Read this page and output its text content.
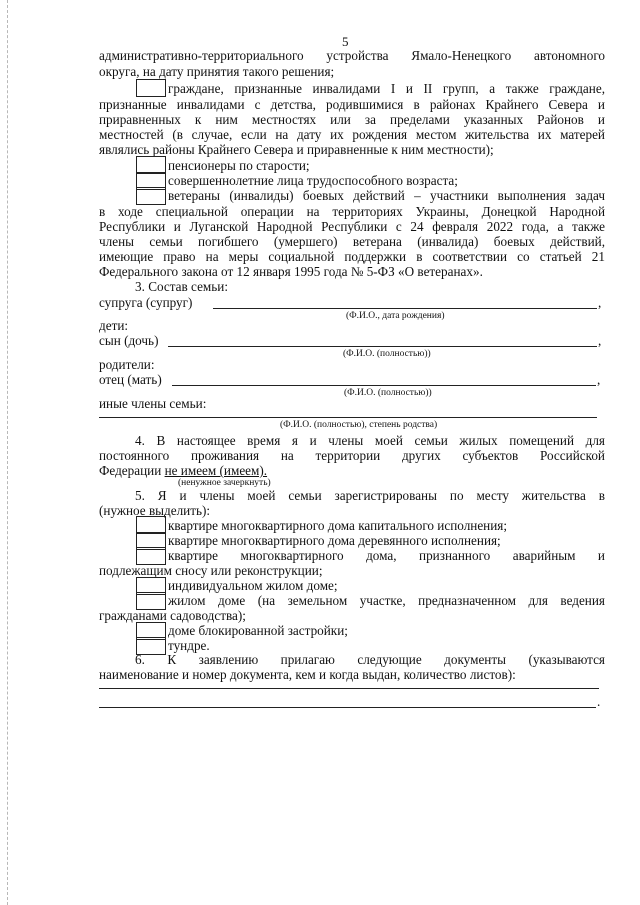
5
административно-территориального устройства Ямало-Ненецкого автономного
округа, на дату принятия такого решения;
граждане, признанные инвалидами I и II групп, а также граждане,
признанные инвалидами с детства, родившимися в районах Крайнего Севера и
приравненных к ним местностях или за пределами указанных Районов и
местностей (в случае, если на дату их рождения местом жительства их матерей
являлись районы Крайнего Севера и приравненные к ним местности);
пенсионеры по старости;
совершеннолетние лица трудоспособного возраста;
ветераны (инвалиды) боевых действий – участники выполнения задач
в ходе специальной операции на территориях Украины, Донецкой Народной
Республики и Луганской Народной Республики с 24 февраля 2022 года, а также
члены семьи погибшего (умершего) ветерана (инвалида) боевых действий,
имеющие право на меры социальной поддержки в соответствии со статьей 21
Федерального закона от 12 января 1995 года № 5-ФЗ «О ветеранах».
3. Состав семьи:
супруга (супруг)	,
(Ф.И.О., дата рождения)
дети:
сын (дочь)	,
(Ф.И.О. (полностью))
родители:
отец (мать)	,
(Ф.И.О. (полностью))
иные члены семьи:
(Ф.И.О. (полностью), степень родства)
4. В настоящее время я и члены моей семьи жилых помещений для
постоянного проживания на территории других субъектов Российской
Федерации не имеем (имеем).
(ненужное зачеркнуть)
5. Я и члены моей семьи зарегистрированы по месту жительства в
(нужное выделить):
квартире многоквартирного дома капитального исполнения;
квартире многоквартирного дома деревянного исполнения;
квартире многоквартирного дома, признанного аварийным и
подлежащим сносу или реконструкции;
индивидуальном жилом доме;
жилом доме (на земельном участке, предназначенном для ведения
гражданами садоводства);
доме блокированной застройки;
тундре.
6. К заявлению прилагаю следующие документы (указываются
наименование и номер документа, кем и когда выдан, количество листов):
.
